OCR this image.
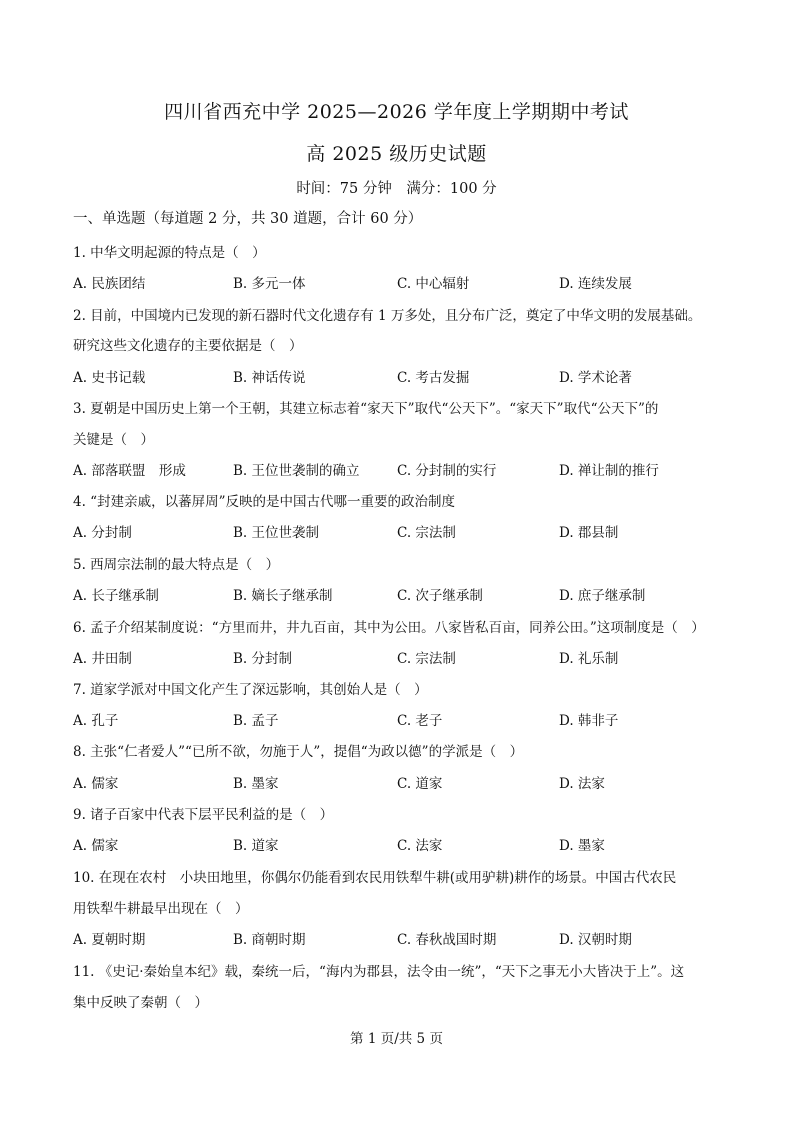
四川省西充中学 2025—2026 学年度上学期期中考试
高 2025 级历史试题
时间：75 分钟　满分：100 分
一、单选题（每道题 2 分，共 30 道题，合计 60 分）
1. 中华文明起源的特点是（　）
A. 民族团结	B. 多元一体	C. 中心辐射	D. 连续发展
2. 目前，中国境内已发现的新石器时代文化遗存有 1 万多处，且分布广泛，奠定了中华文明的发展基础。
研究这些文化遗存的主要依据是（　）
A. 史书记载	B. 神话传说	C. 考古发掘	D. 学术论著
3. 夏朝是中国历史上第一个王朝，其建立标志着“家天下”取代“公天下”。“家天下”取代“公天下”的
关键是（　）
A. 部落联盟　形成	B. 王位世袭制的确立	C. 分封制的实行	D. 禅让制的推行
4. “封建亲戚，以蕃屏周”反映的是中国古代哪一重要的政治制度
A. 分封制	B. 王位世袭制	C. 宗法制	D. 郡县制
5. 西周宗法制的最大特点是（　）
A. 长子继承制	B. 嫡长子继承制	C. 次子继承制	D. 庶子继承制
6. 孟子介绍某制度说：“方里而井，井九百亩，其中为公田。八家皆私百亩，同养公田。”这项制度是（　）
A. 井田制	B. 分封制	C. 宗法制	D. 礼乐制
7. 道家学派对中国文化产生了深远影响，其创始人是（　）
A. 孔子	B. 孟子	C. 老子	D. 韩非子
8. 主张“仁者爱人”“已所不欲，勿施于人”，提倡“为政以德”的学派是（　）
A. 儒家	B. 墨家	C. 道家	D. 法家
9. 诸子百家中代表下层平民利益的是（　）
A. 儒家	B. 道家	C. 法家	D. 墨家
10. 在现在农村　小块田地里，你偶尔仍能看到农民用铁犁牛耕(或用驴耕)耕作的场景。中国古代农民
用铁犁牛耕最早出现在（　）
A. 夏朝时期	B. 商朝时期	C. 春秋战国时期	D. 汉朝时期
11. 《史记·秦始皇本纪》载，秦统一后，“海内为郡县，法令由一统”，“天下之事无小大皆决于上”。这
集中反映了秦朝（　）
第 1 页/共 5 页
